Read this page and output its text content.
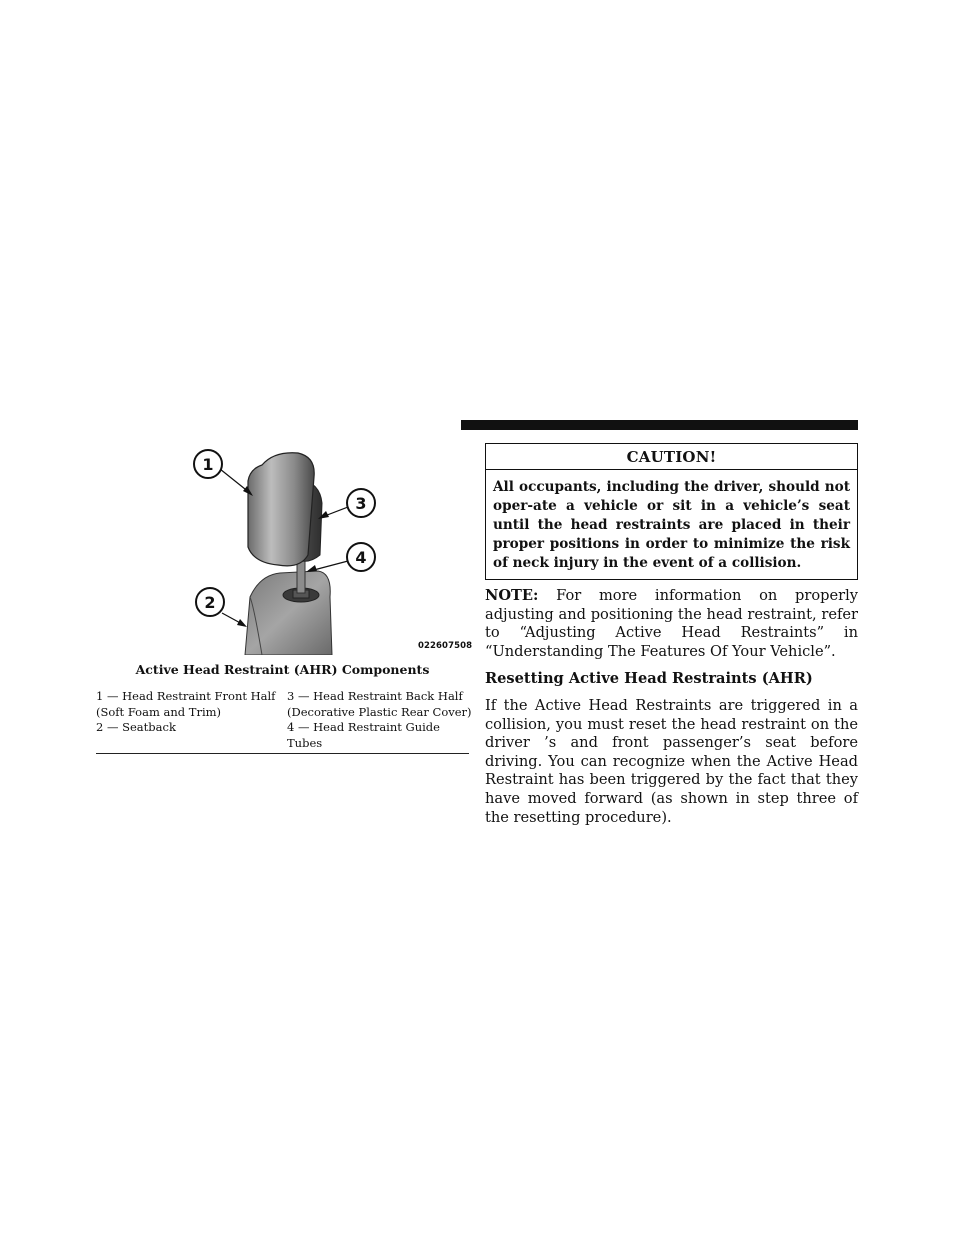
1
2
3
4
022607508
Active Head Restraint (AHR) Components
1 — Head Restraint Front Half
(Soft Foam and Trim)
2 — Seatback
3 — Head Restraint Back Half
(Decorative Plastic Rear Cover)
4 — Head Restraint Guide
Tubes
CAUTION!
All occupants, including the driver, should not oper-ate a vehicle or sit in a vehicle’s seat until the head restraints are placed in their proper positions in order to minimize the risk of neck injury in the event of a collision.
NOTE: For more information on properly adjusting and positioning the head restraint, refer to “Adjusting Active Head Restraints” in “Understanding The Features Of Your Vehicle”.
Resetting Active Head Restraints (AHR)
If the Active Head Restraints are triggered in a collision, you must reset the head restraint on the driver ’s and front passenger’s seat before driving. You can recognize when the Active Head Restraint has been triggered by the fact that they have moved forward (as shown in step three of the resetting procedure).
